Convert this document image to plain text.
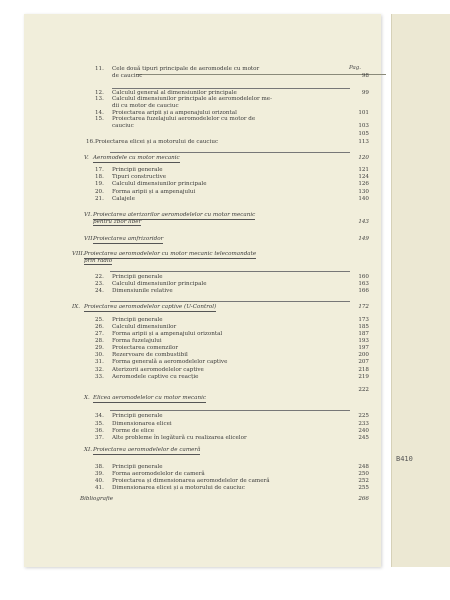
Pag.
11. Cele două tipuri principale de aeromodele cu motor
de cauciuc	98
12. Calculul general al dimensiunilor principale	99
13. Calculul dimensiunilor principale ale aeromodelelor me-
dii cu motor de cauciuc
14. Proiectarea aripii și a ampenajului orizontal	101
15. Proiectarea fuzelajului aeromodelelor cu motor de
cauciuc	103
105
16. Proiectarea elicei și a motorului de cauciuc	113
V. Aeromodele cu motor mecanic	120
17. Principii generale	121
18. Tipuri constructive	124
19. Calculul dimensiunilor principale	126
20. Forma aripii și a ampenajului	130
21. Calajele	140
VI. Proiectarea aterizorilor aeromodelelor cu motor mecanic
pentru zbor liber	143
VII.
Proiectarea amfrizoridor	149
VIII. Proiectarea aeromodelelor cu motor mecanic telecomandate
prin radio
22. Principii generale	160
23. Calculul dimensiunilor principale	163
24. Dimensiunile relative	166
IX. Proiectarea aeromodelelor captive (U-Control)	172
25. Principii generale	173
26. Calculul dimensiunilor	185
27. Forma aripii și a ampenajului orizontal	187
28. Forma fuzelajului	193
29. Proiectarea comenzilor	197
30. Rezervoare de combustibil	200
31. Forma generală a aeromodelelor captive	207
32. Aterizorii aeromodelelor captive	218
33. Aeromodele captive cu reacție	219
222
X. Elicea aeromodelelor cu motor mecanic
34. Principii generale	225
35. Dimensionarea elicei	233
36. Forme de elice	240
37. Alte probleme în legătură cu realizarea elicelor	245
XI. Proiectarea aeromodelelor de cameră
38. Principii generale	248
39. Forma aeromodelelor de cameră	250
40. Proiectarea și dimensionarea aeromodelelor de cameră	252
41. Dimensionarea elicei și a motorului de cauciuc	255
Bibliografie	266
B410
